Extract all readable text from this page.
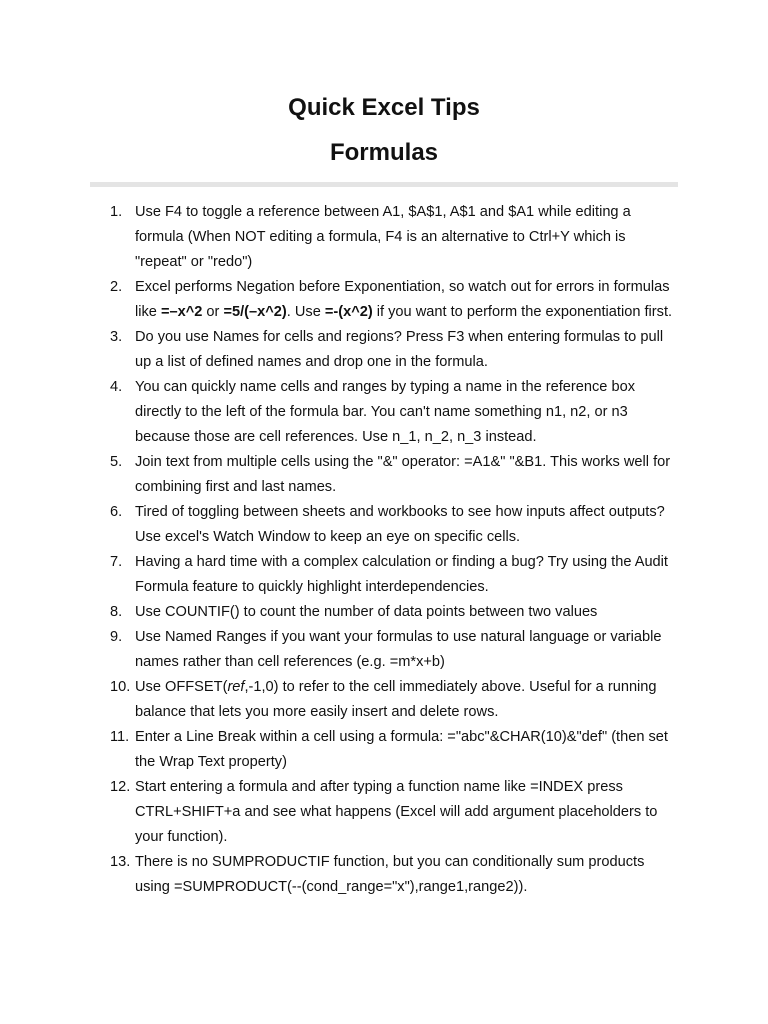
Quick Excel Tips
Formulas
1. Use F4 to toggle a reference between A1, $A$1, A$1 and $A1 while editing a formula (When NOT editing a formula, F4 is an alternative to Ctrl+Y which is "repeat" or "redo")
2. Excel performs Negation before Exponentiation, so watch out for errors in formulas like =–x^2 or =5/(–x^2). Use =-(x^2) if you want to perform the exponentiation first.
3. Do you use Names for cells and regions? Press F3 when entering formulas to pull up a list of defined names and drop one in the formula.
4. You can quickly name cells and ranges by typing a name in the reference box directly to the left of the formula bar. You can't name something n1, n2, or n3 because those are cell references. Use n_1, n_2, n_3 instead.
5. Join text from multiple cells using the "&" operator: =A1&" "&B1. This works well for combining first and last names.
6. Tired of toggling between sheets and workbooks to see how inputs affect outputs? Use excel's Watch Window to keep an eye on specific cells.
7. Having a hard time with a complex calculation or finding a bug? Try using the Audit Formula feature to quickly highlight interdependencies.
8. Use COUNTIF() to count the number of data points between two values
9. Use Named Ranges if you want your formulas to use natural language or variable names rather than cell references (e.g. =m*x+b)
10. Use OFFSET(ref,-1,0) to refer to the cell immediately above. Useful for a running balance that lets you more easily insert and delete rows.
11. Enter a Line Break within a cell using a formula: ="abc"&CHAR(10)&"def" (then set the Wrap Text property)
12. Start entering a formula and after typing a function name like =INDEX press CTRL+SHIFT+a and see what happens (Excel will add argument placeholders to your function).
13. There is no SUMPRODUCTIF function, but you can conditionally sum products using =SUMPRODUCT(--(cond_range="x"),range1,range2)).
